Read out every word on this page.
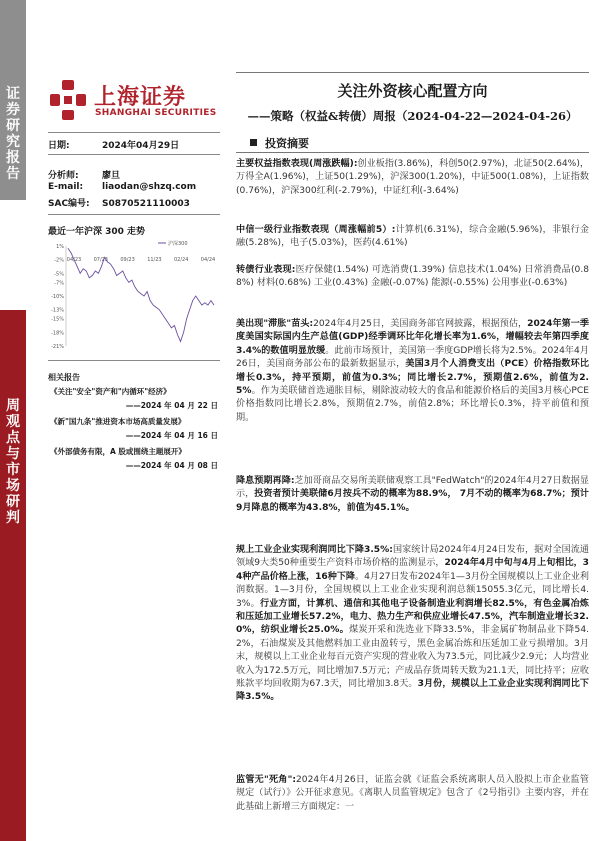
证券研究报告
周观点与市场研判
上海证券
SHANGHAI SECURITIES
关注外资核心配置方向
——策略（权益&转债）周报（2024-04-22—2024-04-26）
投资摘要
日期:	2024年04月29日
分析师:	廖旦
E-mail: liaodan@shzq.com
SAC编号: S0870521110003
最近一年沪深 300 走势
1%
-2%
-5%
-7%
-10%
-13%
-15%
-18%
-21%
04/23 07/23 09/23 11/23 02/24 04/24
沪深300
相关报告
《关注"安全"资产和"内循环"经济》
——2024 年 04 月 22 日
《新"国九条"推进资本市场高质量发展》
——2024 年 04 月 16 日
《外部债务有限，A 股或围绕主题展开》
——2024 年 04 月 08 日
主要权益指数表现(周涨跌幅):创业板指(3.86%)，科创50(2.97%)，北证50(2.64%)，万得全A(1.96%)，上证50(1.29%)，沪深300(1.20%)，中证500(1.08%)，上证指数(0.76%)，沪深300红利(-2.79%)，中证红利(-3.64%)
中信一级行业指数表现（周涨幅前5）:计算机(6.31%)，综合金融(5.96%)，非银行金融(5.28%)，电子(5.03%)，医药(4.61%)
转债行业表现:医疗保健(1.54%) 可选消费(1.39%) 信息技术(1.04%) 日常消费品(0.88%) 材料(0.68%) 工业(0.43%) 金融(-0.07%) 能源(-0.55%) 公用事业(-0.63%)
美出现"滞胀"苗头:2024年4月25日，美国商务部官网披露，根据预估，2024年第一季度美国实际国内生产总值(GDP)经季调环比年化增长率为1.6%，增幅较去年第四季度3.4%的数值明显放缓。此前市场预计，美国第一季度GDP增长将为2.5%。2024年4月26日，美国商务部公布的最新数据显示，美国3月个人消费支出（PCE）价格指数环比增长0.3%，持平预期，前值为0.3%；同比增长2.7%，预期值2.6%，前值为2.5%。作为美联储首选通胀目标，剔除波动较大的食品和能源价格后的美国3月核心PCE价格指数同比增长2.8%，预期值2.7%，前值2.8%；环比增长0.3%，持平前值和预期。
降息预期再降:芝加哥商品交易所美联储观察工具"FedWatch"的2024年4月27日数据显示，投资者预计美联储6月按兵不动的概率为88.9%， 7月不动的概率为68.7%；预计9月降息的概率为43.8%，前值为45.1%。
规上工业企业实现利润同比下降3.5%:国家统计局2024年4月24日发布，据对全国流通领域9大类50种重要生产资料市场价格的监测显示，2024年4月中旬与4月上旬相比，34种产品价格上涨，16种下降。4月27日发布2024年1—3月份全国规模以上工业企业利润数据。1—3月份，全国规模以上工业企业实现利润总额15055.3亿元，同比增长4.3%。行业方面，计算机、通信和其他电子设备制造业利润增长82.5%，有色金属冶炼和压延加工业增长57.2%，电力、热力生产和供应业增长47.5%，汽车制造业增长32.0%，纺织业增长25.0%。煤炭开采和洗选业下降33.5%，非金属矿物制品业下降54.2%，石油煤炭及其他燃料加工业由盈转亏，黑色金属冶炼和压延加工业亏损增加。3月末，规模以上工业企业每百元资产实现的营业收入为73.5元，同比减少2.9元；人均营业收入为172.5万元，同比增加7.5万元；产成品存货周转天数为21.1天，同比持平；应收账款平均回收期为67.3天，同比增加3.8天。3月份，规模以上工业企业实现利润同比下降3.5%。
监管无"死角":2024年4月26日，证监会就《证监会系统离职人员入股拟上市企业监管规定（试行）》公开征求意见。《离职人员监管规定》包含了《2号指引》主要内容，并在此基础上新增三方面规定：一
